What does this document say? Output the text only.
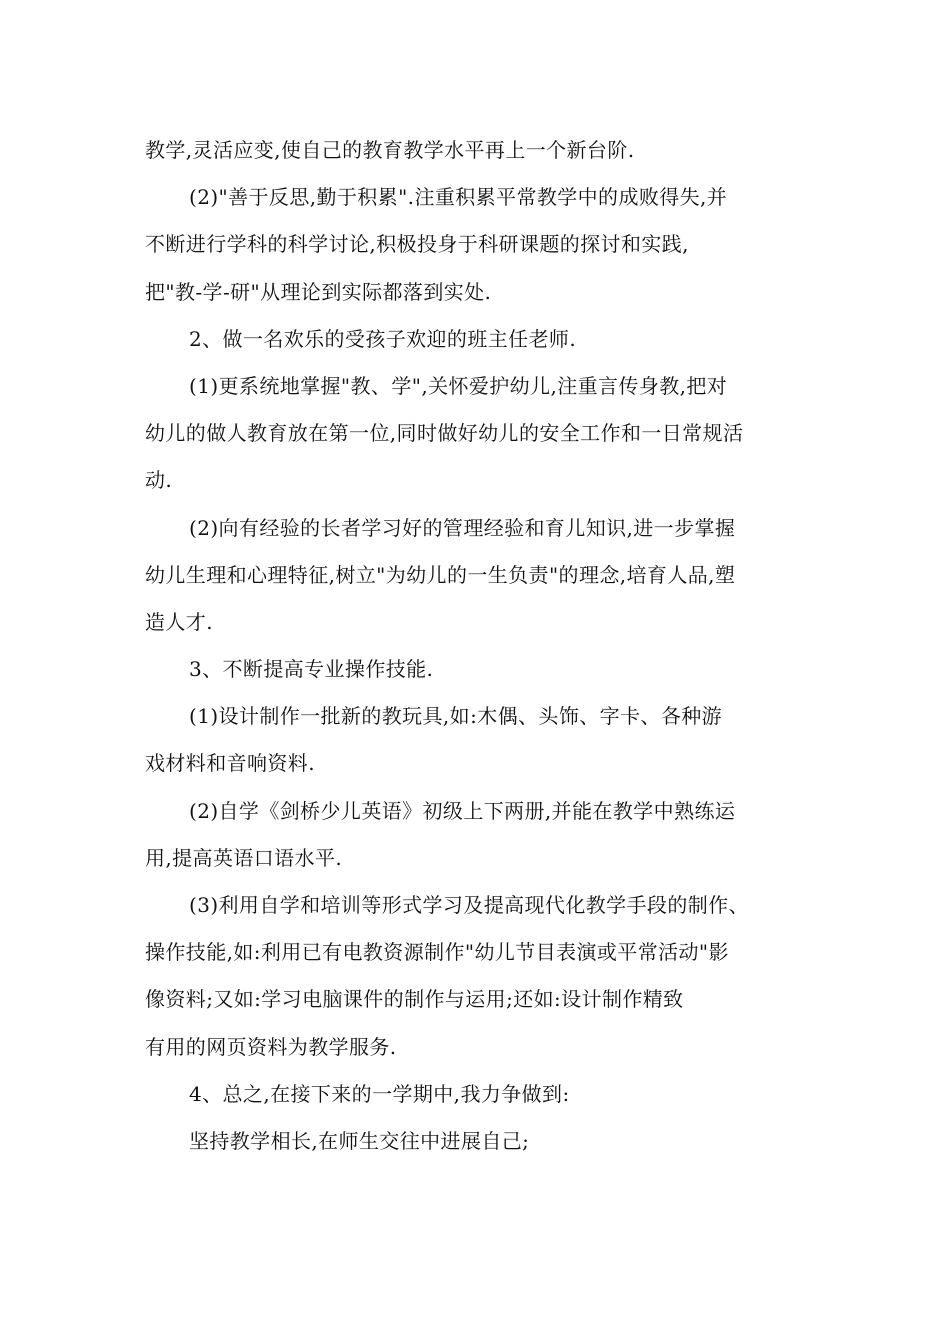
教学,灵活应变,使自己的教育教学水平再上一个新台阶.
(2)"善于反思,勤于积累".注重积累平常教学中的成败得失,并
不断进行学科的科学讨论,积极投身于科研课题的探讨和实践,
把"教-学-研"从理论到实际都落到实处.
2、做一名欢乐的受孩子欢迎的班主任老师.
(1)更系统地掌握"教、学",关怀爱护幼儿,注重言传身教,把对
幼儿的做人教育放在第一位,同时做好幼儿的安全工作和一日常规活
动.
(2)向有经验的长者学习好的管理经验和育儿知识,进一步掌握
幼儿生理和心理特征,树立"为幼儿的一生负责"的理念,培育人品,塑
造人才.
3、不断提高专业操作技能.
(1)设计制作一批新的教玩具,如:木偶、头饰、字卡、各种游
戏材料和音响资料.
(2)自学《剑桥少儿英语》初级上下两册,并能在教学中熟练运
用,提高英语口语水平.
(3)利用自学和培训等形式学习及提高现代化教学手段的制作、
操作技能,如:利用已有电教资源制作"幼儿节目表演或平常活动"影
像资料;又如:学习电脑课件的制作与运用;还如:设计制作精致
有用的网页资料为教学服务.
4、总之,在接下来的一学期中,我力争做到:
坚持教学相长,在师生交往中进展自己;
